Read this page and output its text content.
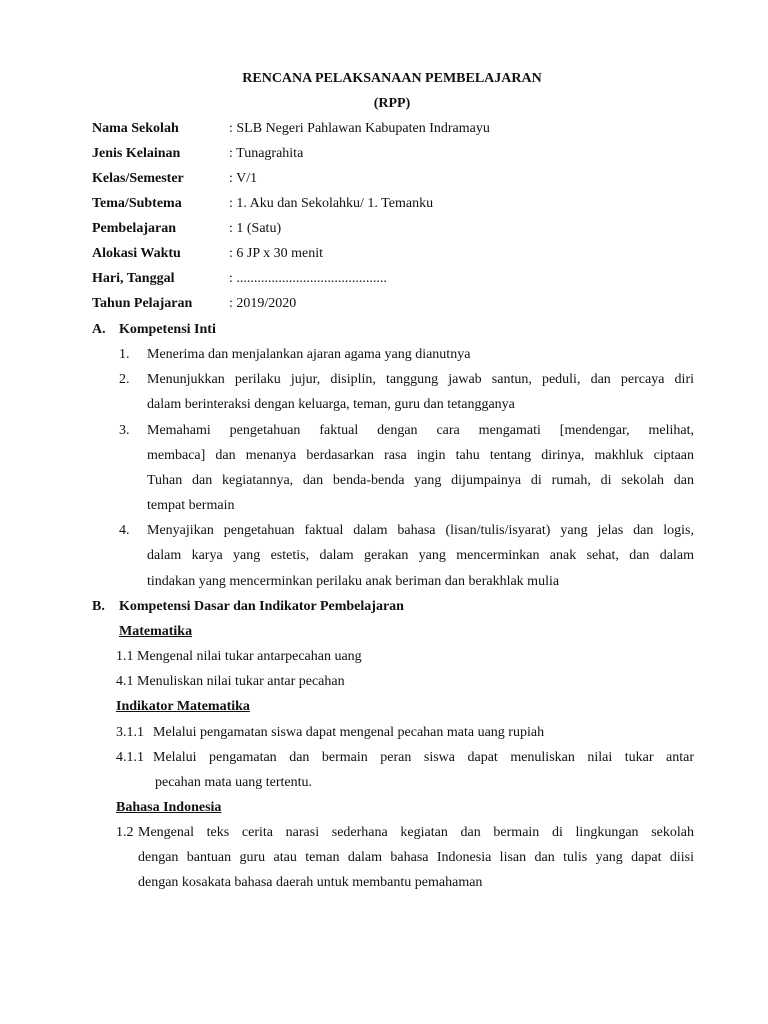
RENCANA PELAKSANAAN PEMBELAJARAN
(RPP)
Nama Sekolah	: SLB Negeri Pahlawan Kabupaten Indramayu
Jenis Kelainan	: Tunagrahita
Kelas/Semester	: V/1
Tema/Subtema	: 1. Aku dan Sekolahku/ 1. Temanku
Pembelajaran	: 1 (Satu)
Alokasi Waktu	: 6 JP x 30 menit
Hari, Tanggal	: ...........................................
Tahun Pelajaran	: 2019/2020
A. Kompetensi Inti
1. Menerima dan menjalankan ajaran agama yang dianutnya
2. Menunjukkan perilaku jujur, disiplin, tanggung jawab santun, peduli, dan percaya diri
dalam berinteraksi dengan keluarga, teman, guru dan tetangganya
3. Memahami pengetahuan faktual dengan cara mengamati [mendengar, melihat,
membaca] dan menanya berdasarkan rasa ingin tahu tentang dirinya, makhluk ciptaan
Tuhan dan kegiatannya, dan benda-benda yang dijumpainya di rumah, di sekolah dan
tempat bermain
4. Menyajikan pengetahuan faktual dalam bahasa (lisan/tulis/isyarat) yang jelas dan logis,
dalam karya yang estetis, dalam gerakan yang mencerminkan anak sehat, dan dalam
tindakan yang mencerminkan perilaku anak beriman dan berakhlak mulia
B. Kompetensi Dasar dan Indikator Pembelajaran
Matematika
1.1 Mengenal nilai tukar antarpecahan uang
4.1 Menuliskan nilai tukar antar pecahan
Indikator Matematika
3.1.1 Melalui pengamatan siswa dapat mengenal pecahan mata uang rupiah
4.1.1 Melalui pengamatan dan bermain peran siswa dapat menuliskan nilai tukar antar
pecahan mata uang tertentu.
Bahasa Indonesia
1.2 Mengenal teks cerita narasi sederhana kegiatan dan bermain di lingkungan sekolah
dengan bantuan guru atau teman dalam bahasa Indonesia lisan dan tulis yang dapat diisi
dengan kosakata bahasa daerah untuk membantu pemahaman
